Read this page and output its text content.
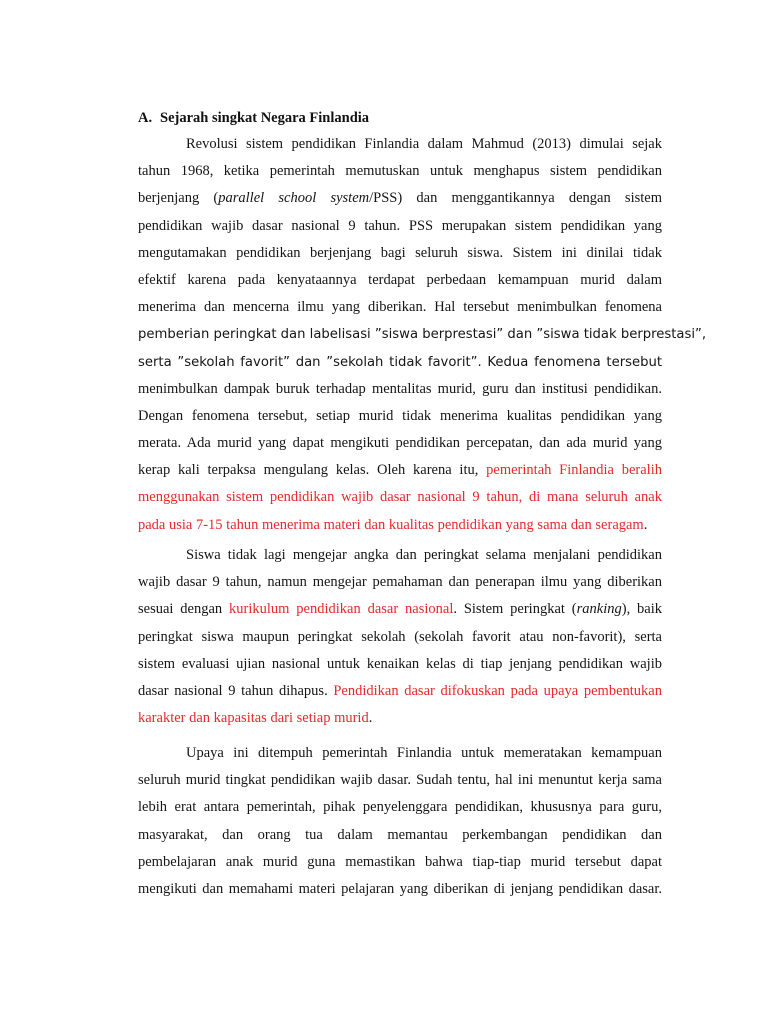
A. Sejarah singkat Negara Finlandia
Revolusi sistem pendidikan Finlandia dalam Mahmud (2013) dimulai sejak
tahun 1968, ketika pemerintah memutuskan untuk menghapus sistem pendidikan
berjenjang (parallel school system/PSS) dan menggantikannya dengan sistem
pendidikan wajib dasar nasional 9 tahun. PSS merupakan sistem pendidikan yang
mengutamakan pendidikan berjenjang bagi seluruh siswa. Sistem ini dinilai tidak
efektif karena pada kenyataannya terdapat perbedaan kemampuan murid dalam
menerima dan mencerna ilmu yang diberikan. Hal tersebut menimbulkan fenomena
pemberian peringkat dan labelisasi ”siswa berprestasi” dan ”siswa tidak berprestasi”,
serta ”sekolah favorit” dan ”sekolah tidak favorit”. Kedua fenomena tersebut
menimbulkan dampak buruk terhadap mentalitas murid, guru dan institusi pendidikan.
Dengan fenomena tersebut, setiap murid tidak menerima kualitas pendidikan yang
merata. Ada murid yang dapat mengikuti pendidikan percepatan, dan ada murid yang
kerap kali terpaksa mengulang kelas. Oleh karena itu, pemerintah Finlandia beralih
menggunakan sistem pendidikan wajib dasar nasional 9 tahun, di mana seluruh anak
pada usia 7-15 tahun menerima materi dan kualitas pendidikan yang sama dan seragam.
Siswa tidak lagi mengejar angka dan peringkat selama menjalani pendidikan
wajib dasar 9 tahun, namun mengejar pemahaman dan penerapan ilmu yang diberikan
sesuai dengan kurikulum pendidikan dasar nasional. Sistem peringkat (ranking), baik
peringkat siswa maupun peringkat sekolah (sekolah favorit atau non-favorit), serta
sistem evaluasi ujian nasional untuk kenaikan kelas di tiap jenjang pendidikan wajib
dasar nasional 9 tahun dihapus. Pendidikan dasar difokuskan pada upaya pembentukan
karakter dan kapasitas dari setiap murid.
Upaya ini ditempuh pemerintah Finlandia untuk memeratakan kemampuan
seluruh murid tingkat pendidikan wajib dasar. Sudah tentu, hal ini menuntut kerja sama
lebih erat antara pemerintah, pihak penyelenggara pendidikan, khususnya para guru,
masyarakat, dan orang tua dalam memantau perkembangan pendidikan dan
pembelajaran anak murid guna memastikan bahwa tiap-tiap murid tersebut dapat
mengikuti dan memahami materi pelajaran yang diberikan di jenjang pendidikan dasar.
